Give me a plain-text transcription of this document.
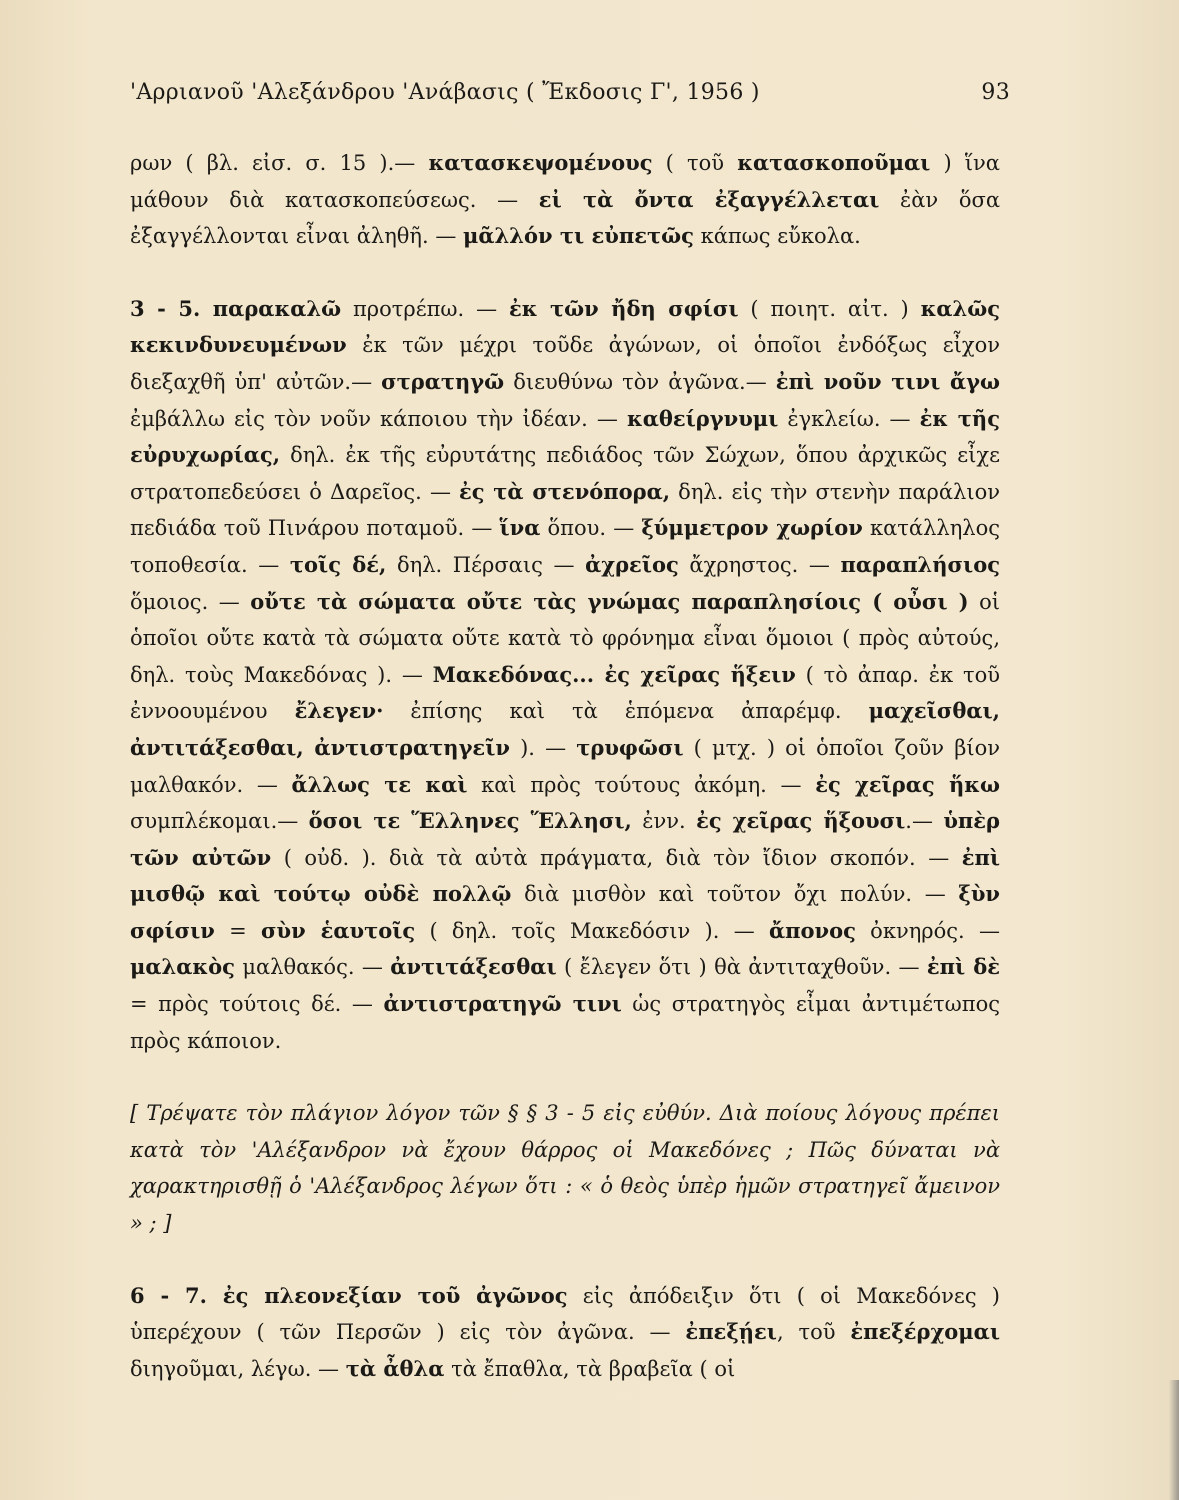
'Αρριανοῦ 'Αλεξάνδρου 'Ανάβασις ( Ἔκδοσις Γ', 1956 )	93

ρων ( βλ. εἰσ. σ. 15 ).— κατασκεψομένους ( τοῦ κατασκοποῦμαι ) ἵνα μάθουν διὰ κατασκοπεύσεως. — εἰ τὰ ὄντα ἐξαγγέλλεται ἐὰν ὅσα ἐξαγγέλλονται εἶναι ἀληθῆ. — μᾶλλόν τι εὐπετῶς κάπως εὔκολα.

3 - 5. παρακαλῶ προτρέπω. — ἐκ τῶν ἤδη σφίσι ( ποιητ. αἰτ. ) καλῶς κεκινδυνευμένων ἐκ τῶν μέχρι τοῦδε ἀγώνων, οἱ ὁποῖοι ἐνδόξως εἶχον διεξαχθῆ ὑπ' αὐτῶν.— στρατηγῶ διευθύνω τὸν ἀγῶνα.— ἐπὶ νοῦν τινι ἄγω ἐμβάλλω εἰς τὸν νοῦν κάποιου τὴν ἰδέαν. — καθείργνυμι ἐγκλείω. — ἐκ τῆς εὐρυχωρίας, δηλ. ἐκ τῆς εὐρυτάτης πεδιάδος τῶν Σώχων, ὅπου ἀρχικῶς εἶχε στρατοπεδεύσει ὁ Δαρεῖος. — ἐς τὰ στενόπορα, δηλ. εἰς τὴν στενὴν παράλιον πεδιάδα τοῦ Πινάρου ποταμοῦ. — ἵνα ὅπου. — ξύμμετρον χωρίον κατάλληλος τοποθεσία. — τοῖς δέ, δηλ. Πέρσαις — ἀχρεῖος ἄχρηστος. — παραπλήσιος ὅμοιος. — οὔτε τὰ σώματα οὔτε τὰς γνώμας παραπλησίοις ( οὖσι ) οἱ ὁποῖοι οὔτε κατὰ τὰ σώματα οὔτε κατὰ τὸ φρόνημα εἶναι ὅμοιοι ( πρὸς αὐτούς, δηλ. τοὺς Μακεδόνας ). — Μακεδόνας... ἐς χεῖρας ἥξειν ( τὸ ἀπαρ. ἐκ τοῦ ἐννοουμένου ἔλεγεν· ἐπίσης καὶ τὰ ἑπόμενα ἀπαρέμφ. μαχεῖσθαι, ἀντιτάξεσθαι, ἀντιστρατηγεῖν ). — τρυφῶσι ( μτχ. ) οἱ ὁποῖοι ζοῦν βίον μαλθακόν. — ἄλλως τε καὶ καὶ πρὸς τούτους ἀκόμη. — ἐς χεῖρας ἥκω συμπλέκομαι.— ὅσοι τε Ἕλληνες Ἕλλησι, ἐνν. ἐς χεῖρας ἥξουσι.— ὑπὲρ τῶν αὐτῶν ( οὐδ. ). διὰ τὰ αὐτὰ πράγματα, διὰ τὸν ἴδιον σκοπόν. — ἐπὶ μισθῷ καὶ τούτῳ οὐδὲ πολλῷ διὰ μισθὸν καὶ τοῦτον ὄχι πολύν. — ξὺν σφίσιν = σὺν ἑαυτοῖς ( δηλ. τοῖς Μακεδόσιν ). — ἄπονος ὀκνηρός. — μαλακὸς μαλθακός. — ἀντιτάξεσθαι ( ἔλεγεν ὅτι ) θὰ ἀντιταχθοῦν. — ἐπὶ δὲ = πρὸς τούτοις δέ. — ἀντιστρατηγῶ τινι ὡς στρατηγὸς εἶμαι ἀντιμέτωπος πρὸς κάποιον.

[ Τρέψατε τὸν πλάγιον λόγον τῶν § § 3 - 5 εἰς εὐθύν. Διὰ ποίους λόγους πρέπει κατὰ τὸν 'Αλέξανδρον νὰ ἔχουν θάρρος οἱ Μακεδόνες ; Πῶς δύναται νὰ χαρακτηρισθῇ ὁ 'Αλέξανδρος λέγων ὅτι : « ὁ θεὸς ὑπὲρ ἡμῶν στρατηγεῖ ἄμεινον » ; ]

6 - 7. ἐς πλεονεξίαν τοῦ ἀγῶνος εἰς ἀπόδειξιν ὅτι ( οἱ Μακεδόνες ) ὑπερέχουν ( τῶν Περσῶν ) εἰς τὸν ἀγῶνα. — ἐπεξῄει, τοῦ ἐπεξέρχομαι διηγοῦμαι, λέγω. — τὰ ἆθλα τὰ ἔπαθλα, τὰ βραβεῖα ( οἱ
